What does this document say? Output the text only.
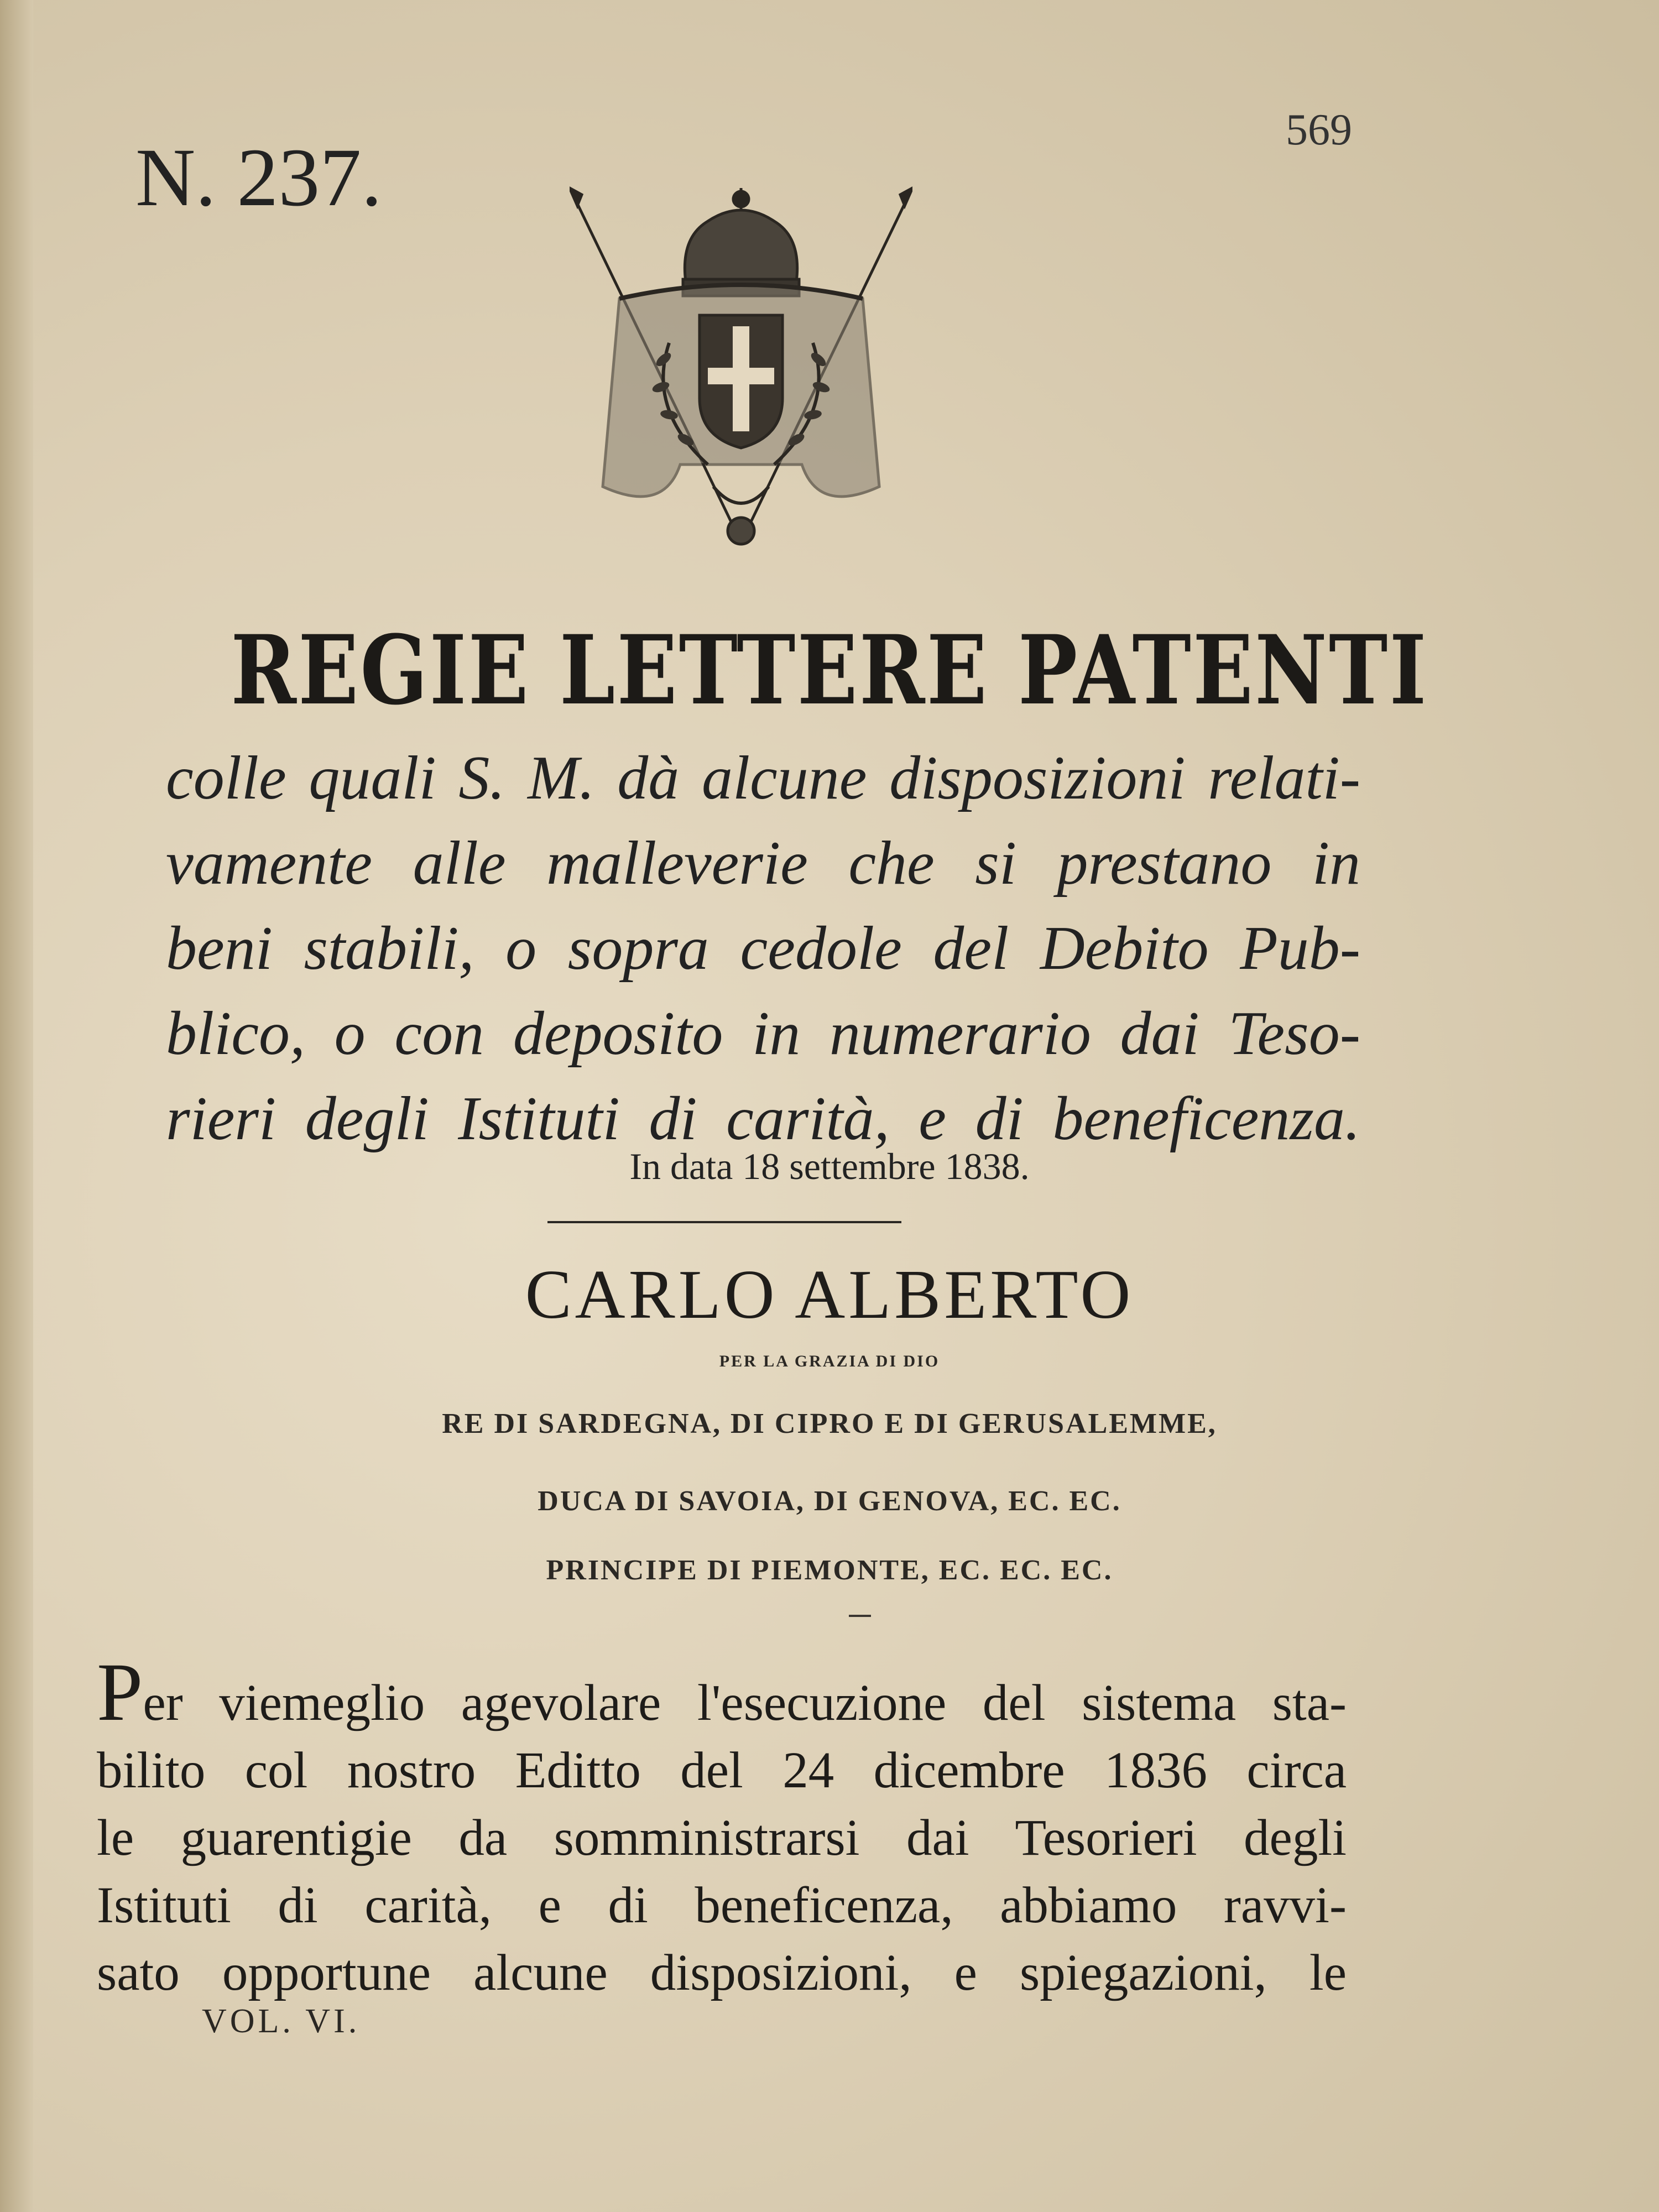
N. 237.
569
REGIE LETTERE PATENTI
colle quali S. M. dà alcune disposizioni relati-
vamente alle malleverie che si prestano in
beni stabili, o sopra cedole del Debito Pub-
blico, o con deposito in numerario dai Teso-
rieri degli Istituti di carità, e di beneficenza.
In data 18 settembre 1838.
CARLO ALBERTO
PER LA GRAZIA DI DIO
RE DI SARDEGNA, DI CIPRO E DI GERUSALEMME,
DUCA DI SAVOIA, DI GENOVA, EC. EC.
PRINCIPE DI PIEMONTE, EC. EC. EC.
Per viemeglio agevolare l'esecuzione del sistema sta-
bilito col nostro Editto del 24 dicembre 1836 circa
le guarentigie da somministrarsi dai Tesorieri degli
Istituti di carità, e di beneficenza, abbiamo ravvi-
sato opportune alcune disposizioni, e spiegazioni, le
VOL. VI.
